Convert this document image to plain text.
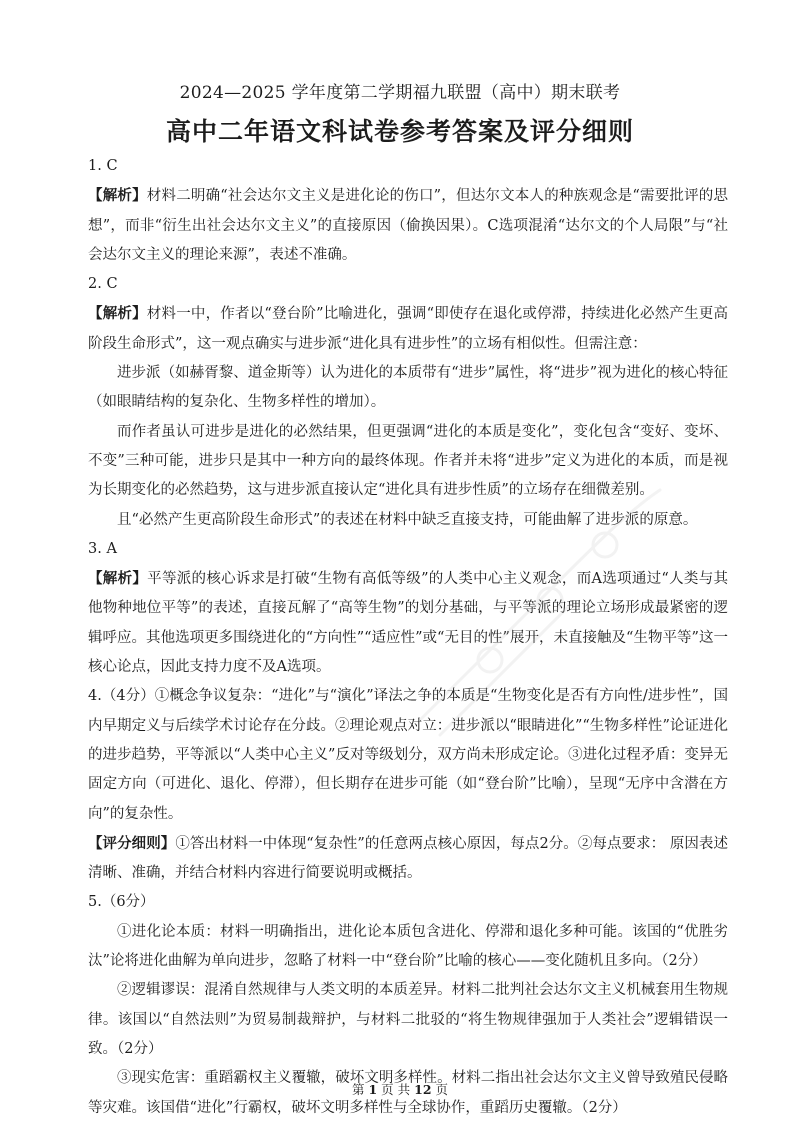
2024—2025 学年度第二学期福九联盟（高中）期末联考
高中二年语文科试卷参考答案及评分细则

1. C

【解析】材料二明确“社会达尔文主义是进化论的伤口”，但达尔文本人的种族观念是“需要批评的思想”，而非“衍生出社会达尔文主义”的直接原因（偷换因果）。C选项混淆“达尔文的个人局限”与“社会达尔文主义的理论来源”，表述不准确。

2. C

【解析】材料一中，作者以“登台阶”比喻进化，强调“即使存在退化或停滞，持续进化必然产生更高阶段生命形式”，这一观点确实与进步派“进化具有进步性”的立场有相似性。但需注意：

进步派（如赫胥黎、道金斯等）认为进化的本质带有“进步”属性，将“进步”视为进化的核心特征（如眼睛结构的复杂化、生物多样性的增加）。

而作者虽认可进步是进化的必然结果，但更强调“进化的本质是变化”，变化包含“变好、变坏、不变”三种可能，进步只是其中一种方向的最终体现。作者并未将“进步”定义为进化的本质，而是视为长期变化的必然趋势，这与进步派直接认定“进化具有进步性质”的立场存在细微差别。

且“必然产生更高阶段生命形式”的表述在材料中缺乏直接支持，可能曲解了进步派的原意。

3. A

【解析】平等派的核心诉求是打破“生物有高低等级”的人类中心主义观念，而A选项通过“人类与其他物种地位平等”的表述，直接瓦解了“高等生物”的划分基础，与平等派的理论立场形成最紧密的逻辑呼应。其他选项更多围绕进化的“方向性”“适应性”或“无目的性”展开，未直接触及“生物平等”这一核心论点，因此支持力度不及A选项。

4.（4分）①概念争议复杂：“进化”与“演化”译法之争的本质是“生物变化是否有方向性/进步性”，国内早期定义与后续学术讨论存在分歧。②理论观点对立：进步派以“眼睛进化”“生物多样性”论证进化的进步趋势，平等派以“人类中心主义”反对等级划分，双方尚未形成定论。③进化过程矛盾：变异无固定方向（可进化、退化、停滞），但长期存在进步可能（如“登台阶”比喻），呈现“无序中含潜在方向”的复杂性。

【评分细则】①答出材料一中体现“复杂性”的任意两点核心原因，每点2分。②每点要求： 原因表述清晰、准确，并结合材料内容进行简要说明或概括。

5.（6分）

①进化论本质：材料一明确指出，进化论本质包含进化、停滞和退化多种可能。该国的“优胜劣汰”论将进化曲解为单向进步，忽略了材料一中“登台阶”比喻的核心——变化随机且多向。（2分）

②逻辑谬误：混淆自然规律与人类文明的本质差异。材料二批判社会达尔文主义机械套用生物规律。该国以“自然法则”为贸易制裁辩护，与材料二批驳的“将生物规律强加于人类社会”逻辑错误一致。（2分）

③现实危害：重蹈霸权主义覆辙，破坏文明多样性。材料二指出社会达尔文主义曾导致殖民侵略等灾难。该国借“进化”行霸权，破坏文明多样性与全球协作，重蹈历史覆辙。（2分）

第 1 页 共 12 页
